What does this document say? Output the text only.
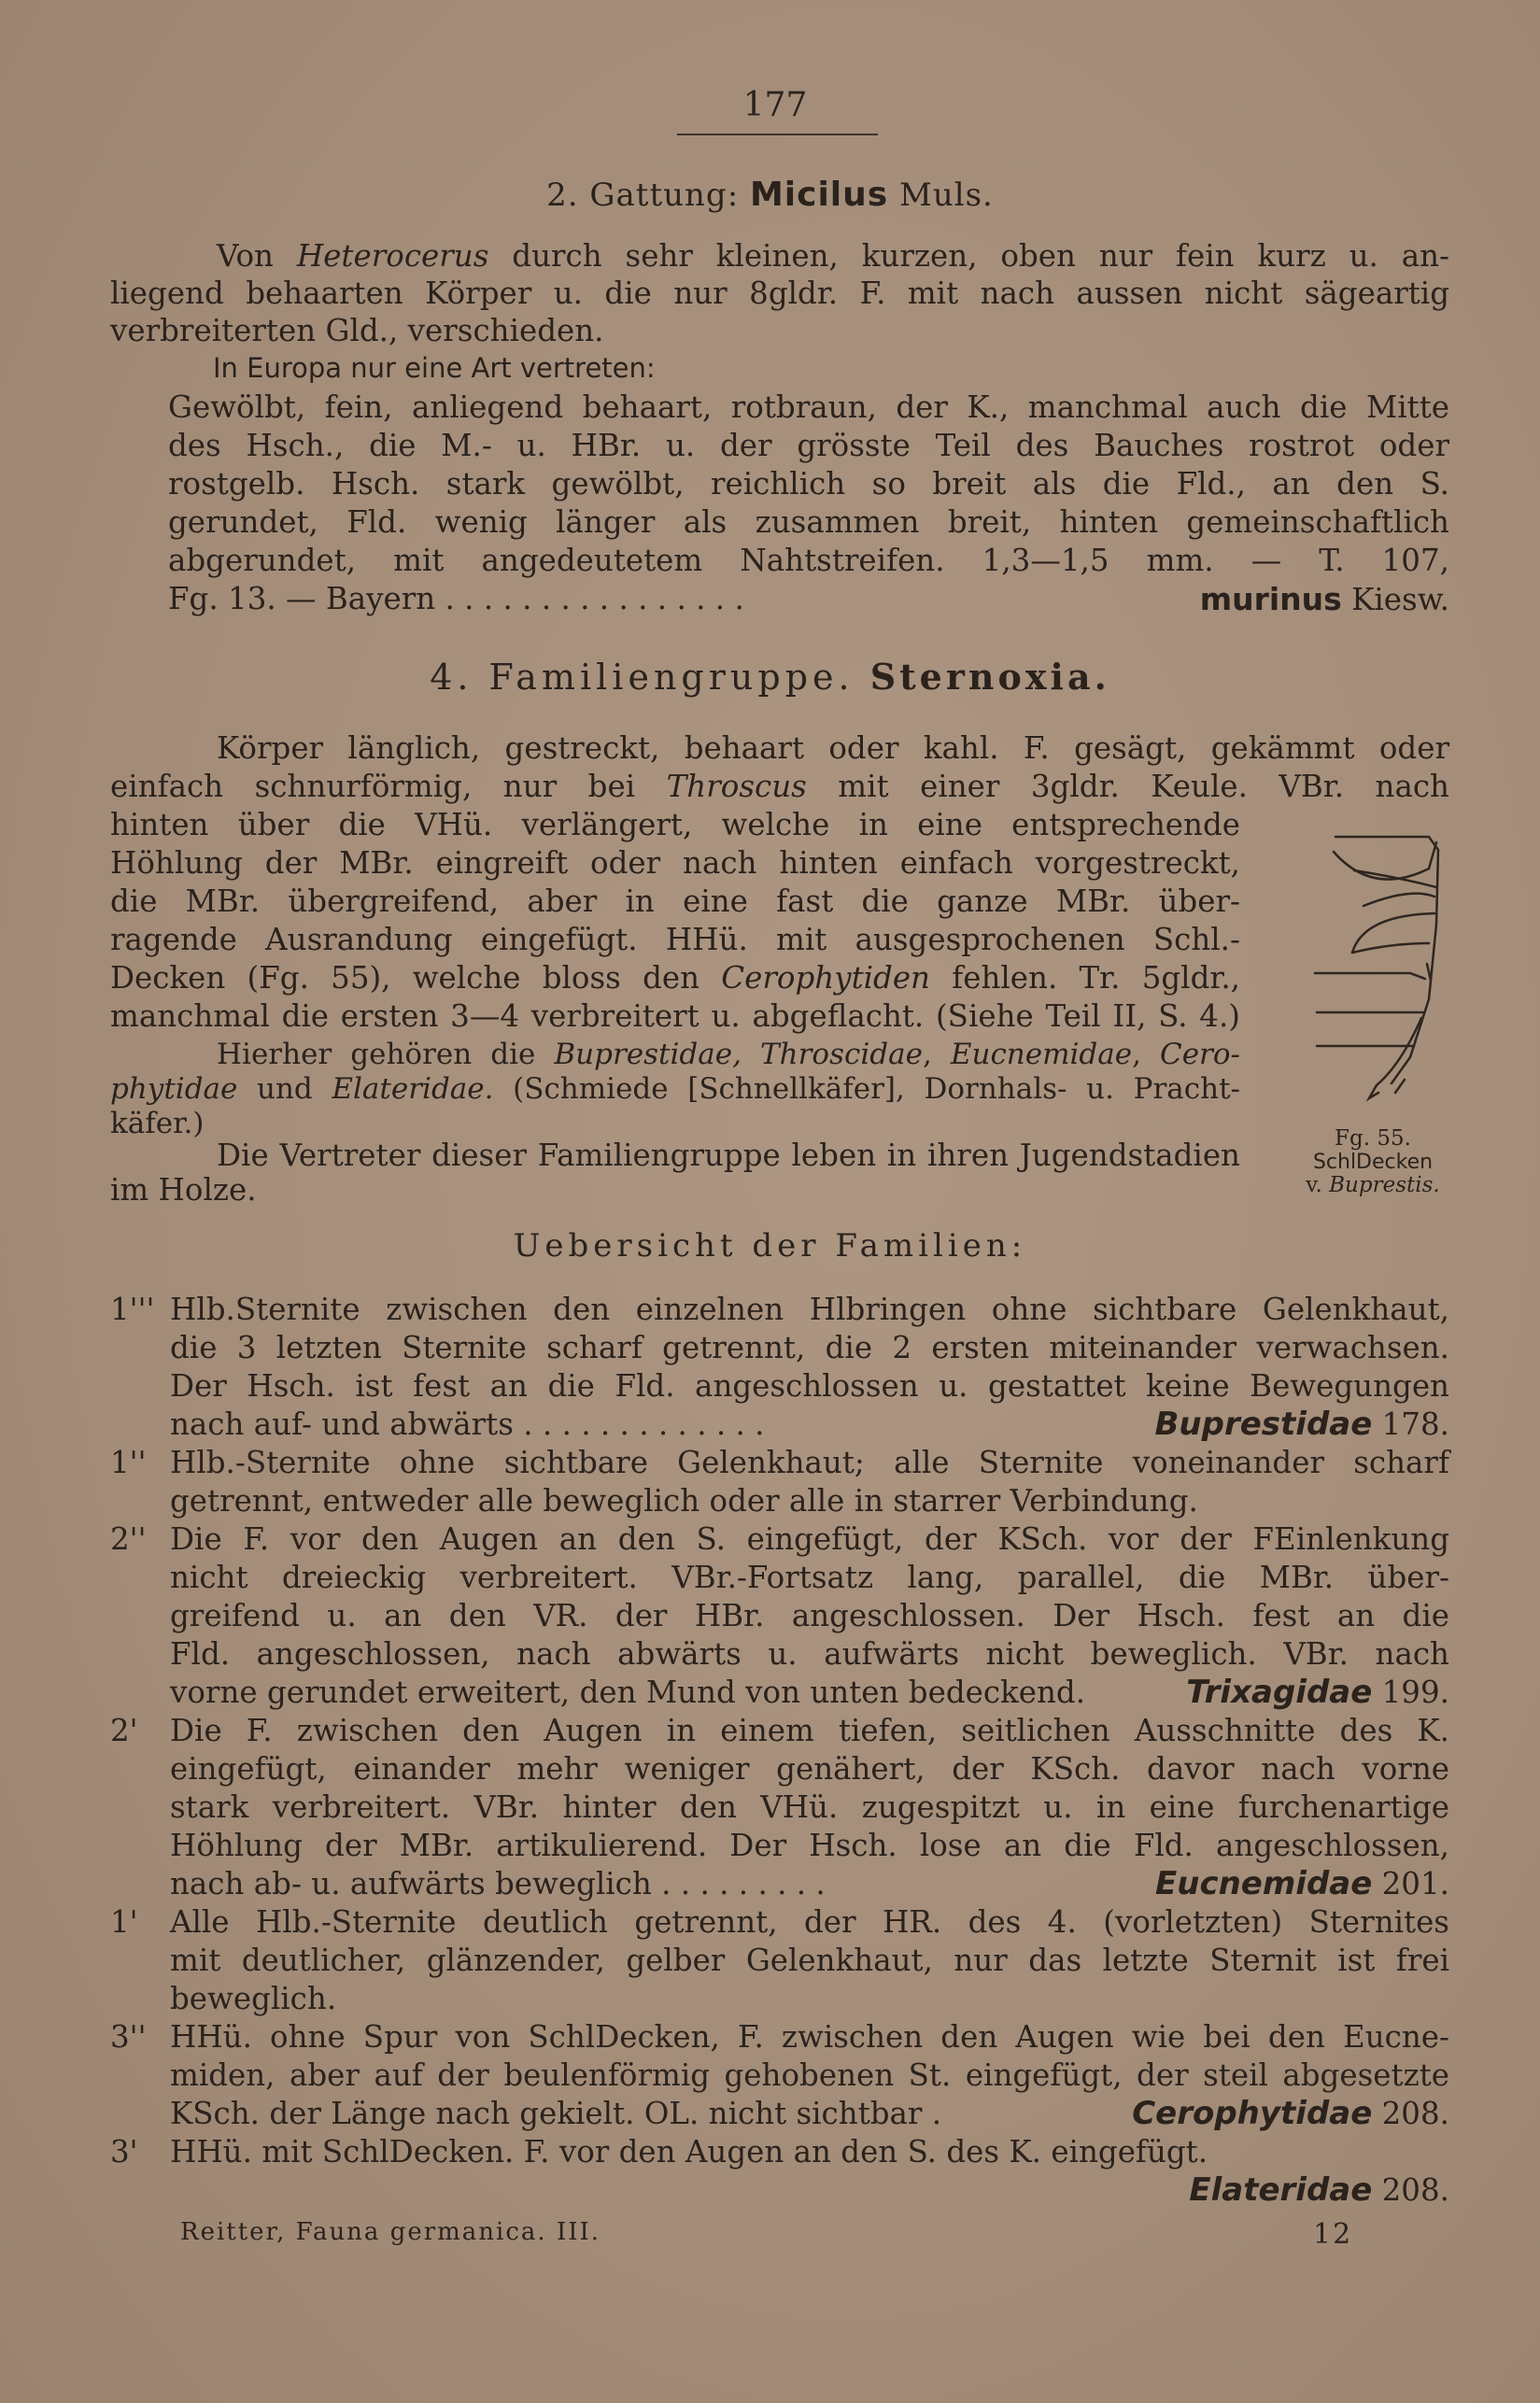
177
2. Gattung: Micilus Muls.
Von Heterocerus durch sehr kleinen, kurzen, oben nur fein kurz u. an-
liegend behaarten Körper u. die nur 8gldr. F. mit nach aussen nicht sägeartig
verbreiterten Gld., verschieden.
In Europa nur eine Art vertreten:
Gewölbt, fein, anliegend behaart, rotbraun, der K., manchmal auch die Mitte
des Hsch., die M.- u. HBr. u. der grösste Teil des Bauches rostrot oder
rostgelb. Hsch. stark gewölbt, reichlich so breit als die Fld., an den S.
gerundet, Fld. wenig länger als zusammen breit, hinten gemeinschaftlich
abgerundet, mit angedeutetem Nahtstreifen. 1,3—1,5 mm. — T. 107,
Fg. 13. — Bayern . . . . . . . . . . . . . . . .	murinus Kiesw.
4. Familiengruppe. Sternoxia.
Körper länglich, gestreckt, behaart oder kahl. F. gesägt, gekämmt oder
einfach schnurförmig, nur bei Throscus mit einer 3gldr. Keule. VBr. nach
hinten über die VHü. verlängert, welche in eine entsprechende
Höhlung der MBr. eingreift oder nach hinten einfach vorgestreckt,
die MBr. übergreifend, aber in eine fast die ganze MBr. über-
ragende Ausrandung eingefügt. HHü. mit ausgesprochenen Schl.-
Decken (Fg. 55), welche bloss den Cerophytiden fehlen. Tr. 5gldr.,
manchmal die ersten 3—4 verbreitert u. abgeflacht. (Siehe Teil II, S. 4.)
Hierher gehören die Buprestidae, Throscidae, Eucnemidae, Cero-
phytidae und Elateridae. (Schmiede [Schnellkäfer], Dornhals- u. Pracht-
käfer.)
Die Vertreter dieser Familiengruppe leben in ihren Jugendstadien
im Holze.
Fg. 55.
SchlDecken
v. Buprestis.
Uebersicht der Familien:
1''' Hlb.Sternite zwischen den einzelnen Hlbringen ohne sichtbare Gelenkhaut,
die 3 letzten Sternite scharf getrennt, die 2 ersten miteinander verwachsen.
Der Hsch. ist fest an die Fld. angeschlossen u. gestattet keine Bewegungen
nach auf- und abwärts . . . . . . . . . . . . .	Buprestidae 178.
1'' Hlb.-Sternite ohne sichtbare Gelenkhaut; alle Sternite voneinander scharf
getrennt, entweder alle beweglich oder alle in starrer Verbindung.
2'' Die F. vor den Augen an den S. eingefügt, der KSch. vor der FEinlenkung
nicht dreieckig verbreitert. VBr.-Fortsatz lang, parallel, die MBr. über-
greifend u. an den VR. der HBr. angeschlossen. Der Hsch. fest an die
Fld. angeschlossen, nach abwärts u. aufwärts nicht beweglich. VBr. nach
vorne gerundet erweitert, den Mund von unten bedeckend.	Trixagidae 199.
2' Die F. zwischen den Augen in einem tiefen, seitlichen Ausschnitte des K.
eingefügt, einander mehr weniger genähert, der KSch. davor nach vorne
stark verbreitert. VBr. hinter den VHü. zugespitzt u. in eine furchenartige
Höhlung der MBr. artikulierend. Der Hsch. lose an die Fld. angeschlossen,
nach ab- u. aufwärts beweglich . . . . . . . . .	Eucnemidae 201.
1' Alle Hlb.-Sternite deutlich getrennt, der HR. des 4. (vorletzten) Sternites
mit deutlicher, glänzender, gelber Gelenkhaut, nur das letzte Sternit ist frei
beweglich.
3'' HHü. ohne Spur von SchlDecken, F. zwischen den Augen wie bei den Eucne-
miden, aber auf der beulenförmig gehobenen St. eingefügt, der steil abgesetzte
KSch. der Länge nach gekielt. OL. nicht sichtbar .	Cerophytidae 208.
3' HHü. mit SchlDecken. F. vor den Augen an den S. des K. eingefügt.
Elateridae 208.
Reitter, Fauna germanica. III.	12
